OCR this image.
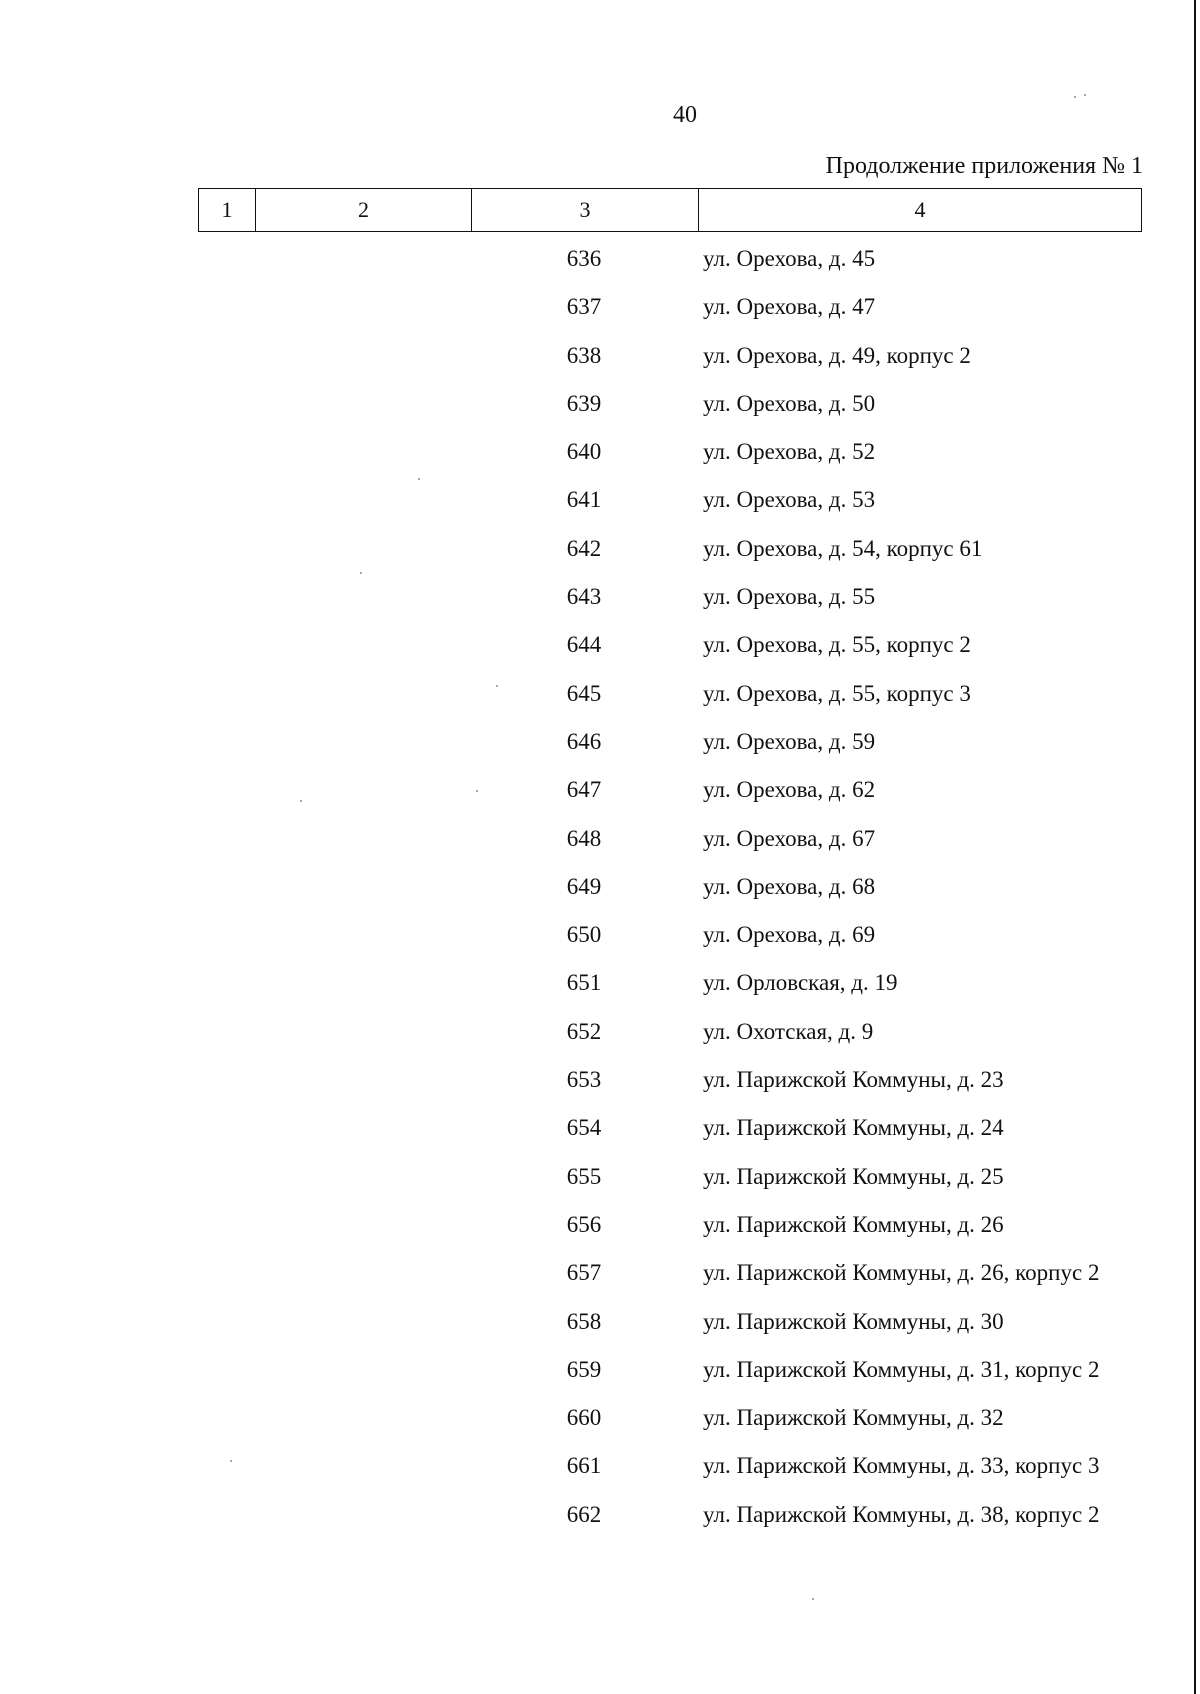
40
Продолжение приложения № 1
1	2	3	4
636	ул. Орехова, д. 45
637	ул. Орехова, д. 47
638	ул. Орехова, д. 49, корпус 2
639	ул. Орехова, д. 50
640	ул. Орехова, д. 52
641	ул. Орехова, д. 53
642	ул. Орехова, д. 54, корпус 61
643	ул. Орехова, д. 55
644	ул. Орехова, д. 55, корпус 2
645	ул. Орехова, д. 55, корпус 3
646	ул. Орехова, д. 59
647	ул. Орехова, д. 62
648	ул. Орехова, д. 67
649	ул. Орехова, д. 68
650	ул. Орехова, д. 69
651	ул. Орловская, д. 19
652	ул. Охотская, д. 9
653	ул. Парижской Коммуны, д. 23
654	ул. Парижской Коммуны, д. 24
655	ул. Парижской Коммуны, д. 25
656	ул. Парижской Коммуны, д. 26
657	ул. Парижской Коммуны, д. 26, корпус 2
658	ул. Парижской Коммуны, д. 30
659	ул. Парижской Коммуны, д. 31, корпус 2
660	ул. Парижской Коммуны, д. 32
661	ул. Парижской Коммуны, д. 33, корпус 3
662	ул. Парижской Коммуны, д. 38, корпус 2
